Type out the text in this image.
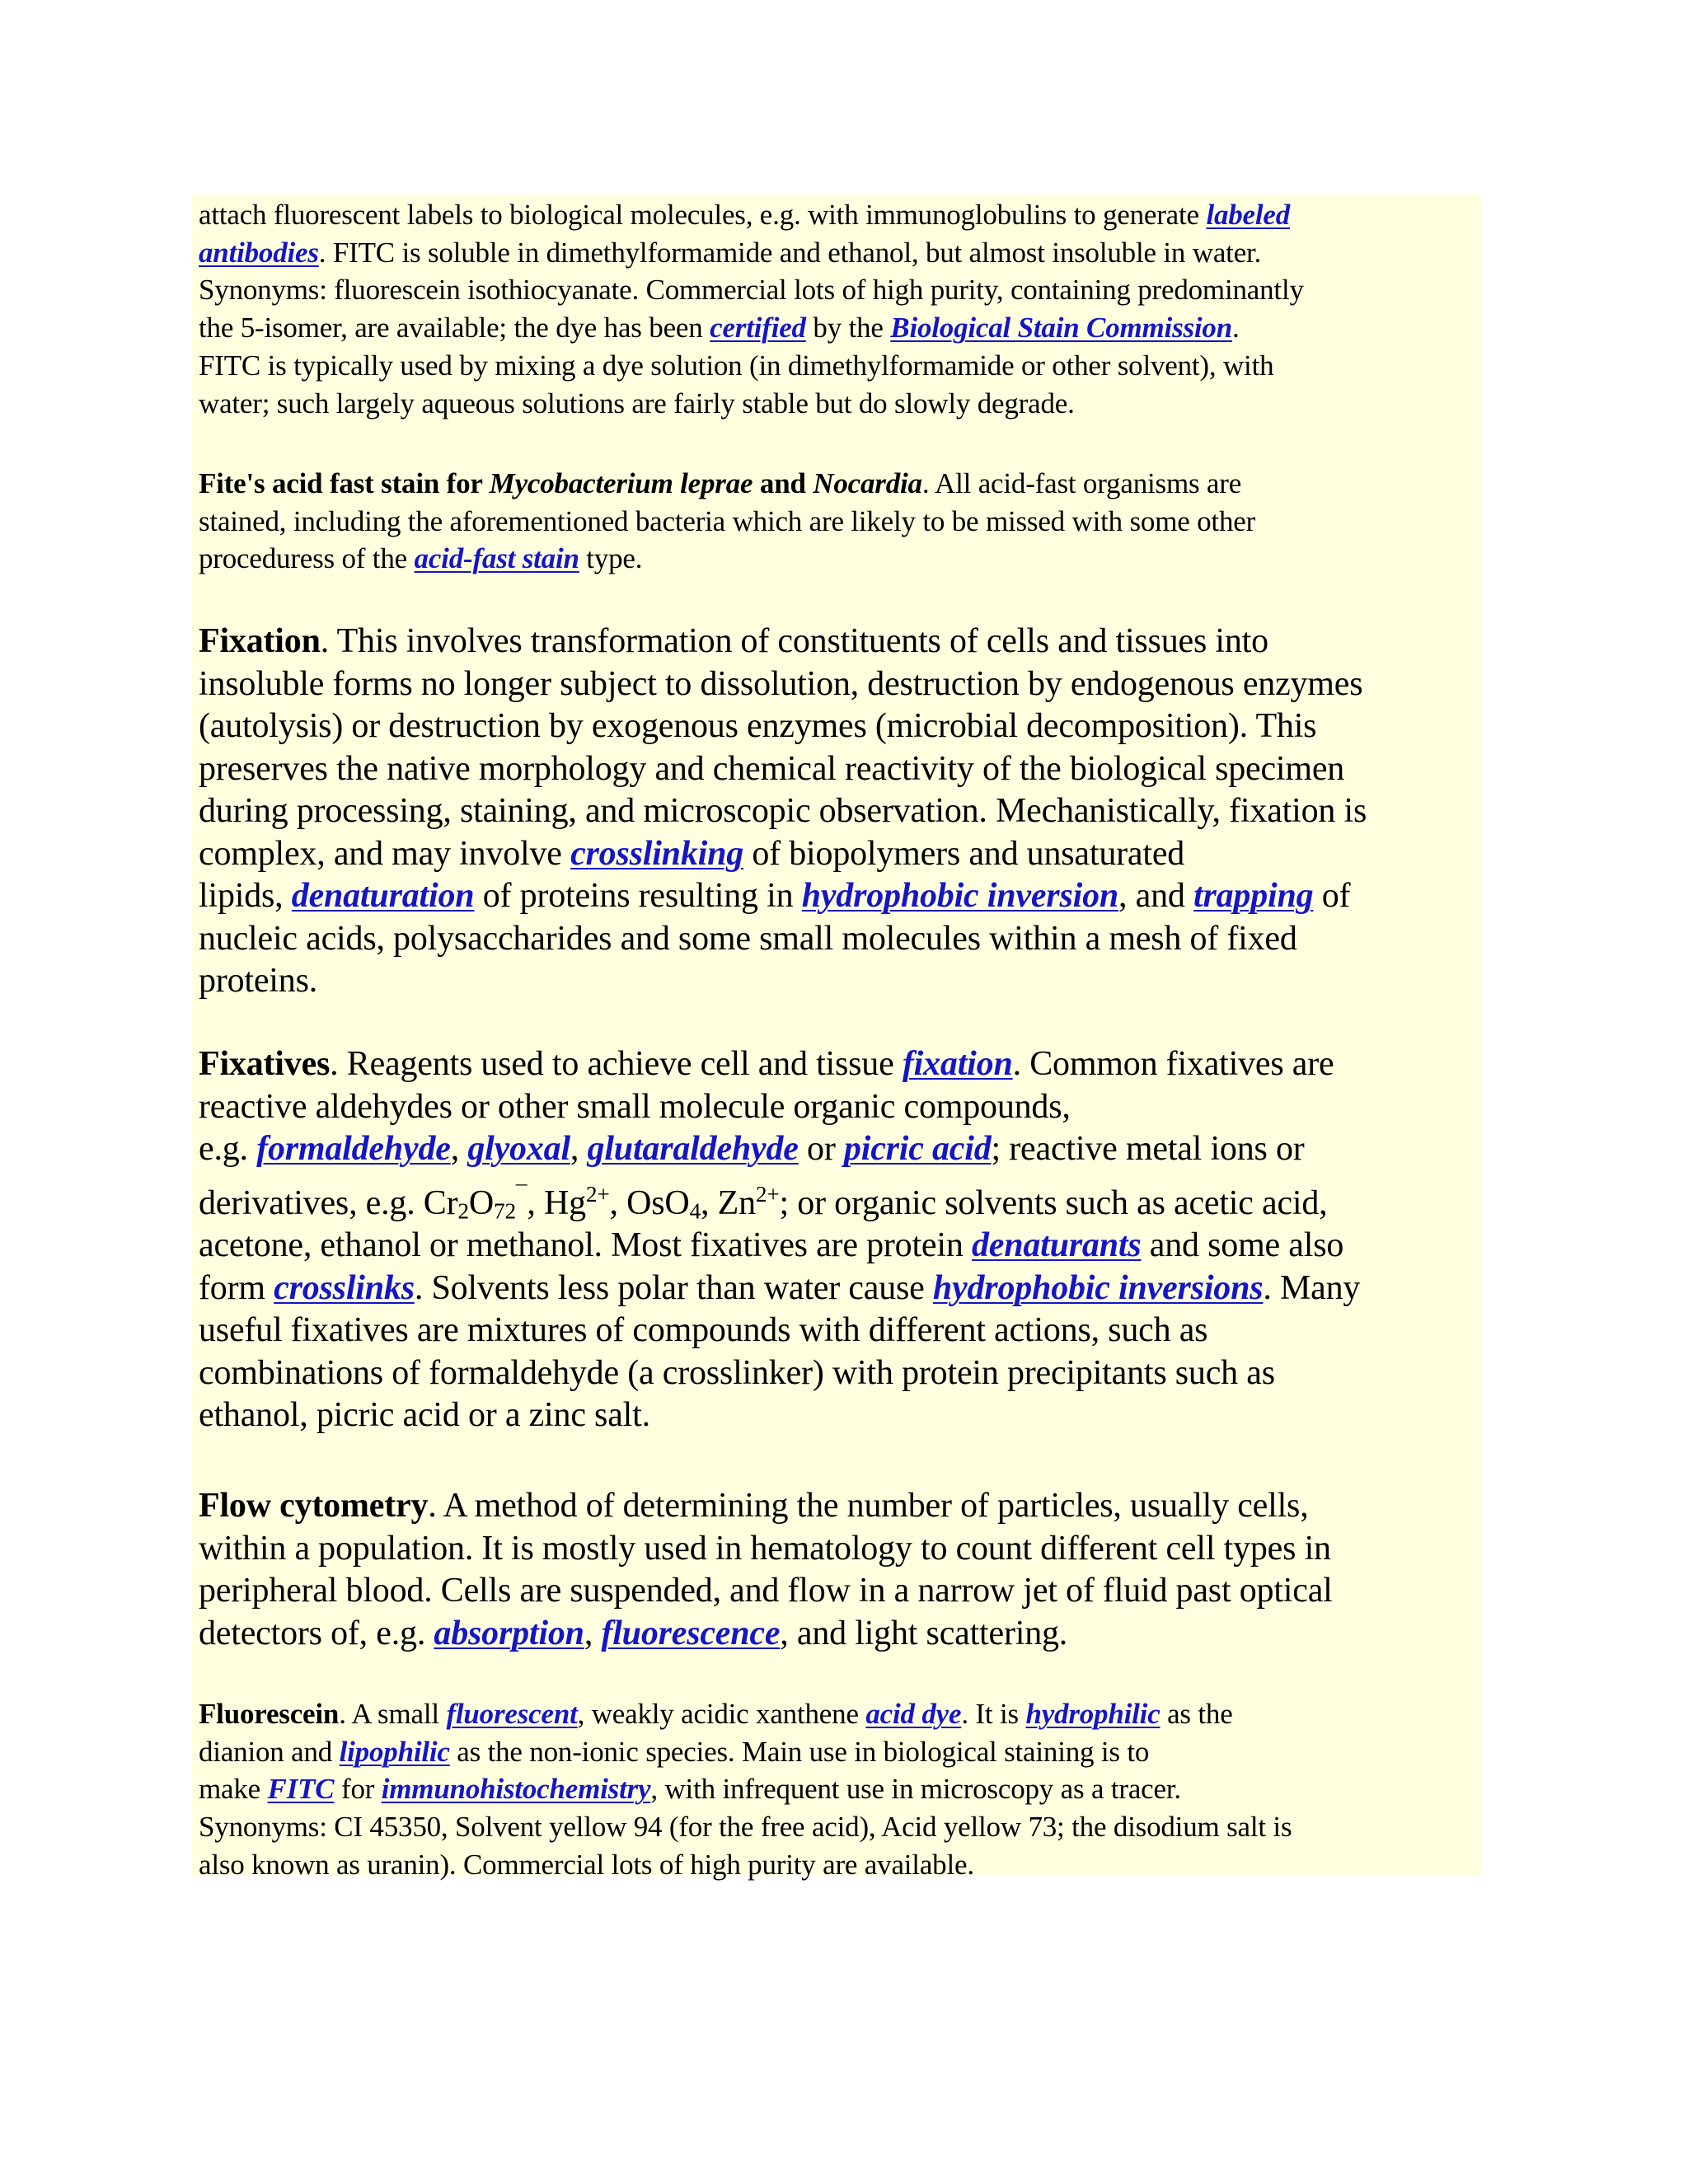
attach fluorescent labels to biological molecules, e.g. with immunoglobulins to generate labeled
antibodies. FITC is soluble in dimethylformamide and ethanol, but almost insoluble in water.
Synonyms: fluorescein isothiocyanate. Commercial lots of high purity, containing predominantly
the 5-isomer, are available; the dye has been certified by the Biological Stain Commission.
FITC is typically used by mixing a dye solution (in dimethylformamide or other solvent), with
water; such largely aqueous solutions are fairly stable but do slowly degrade.
Fite's acid fast stain for Mycobacterium leprae and Nocardia. All acid-fast organisms are
stained, including the aforementioned bacteria which are likely to be missed with some other
proceduress of the acid-fast stain type.
Fixation. This involves transformation of constituents of cells and tissues into
insoluble forms no longer subject to dissolution, destruction by endogenous enzymes
(autolysis) or destruction by exogenous enzymes (microbial decomposition). This
preserves the native morphology and chemical reactivity of the biological specimen
during processing, staining, and microscopic observation. Mechanistically, fixation is
complex, and may involve crosslinking of biopolymers and unsaturated
lipids, denaturation of proteins resulting in hydrophobic inversion, and trapping of
nucleic acids, polysaccharides and some small molecules within a mesh of fixed
proteins.
Fixatives. Reagents used to achieve cell and tissue fixation. Common fixatives are
reactive aldehydes or other small molecule organic compounds,
e.g. formaldehyde, glyoxal, glutaraldehyde or picric acid; reactive metal ions or
derivatives, e.g. $Cr_2O_{72}^¯$, $Hg^{2+}$, OsO$_4$, $Zn^{2+}$; or organic solvents such as acetic acid,
acetone, ethanol or methanol. Most fixatives are protein denaturants and some also
form crosslinks. Solvents less polar than water cause hydrophobic inversions. Many
useful fixatives are mixtures of compounds with different actions, such as
combinations of formaldehyde (a crosslinker) with protein precipitants such as
ethanol, picric acid or a zinc salt.
Flow cytometry. A method of determining the number of particles, usually cells,
within a population. It is mostly used in hematology to count different cell types in
peripheral blood. Cells are suspended, and flow in a narrow jet of fluid past optical
detectors of, e.g. absorption, fluorescence, and light scattering.
Fluorescein. A small fluorescent, weakly acidic xanthene acid dye. It is hydrophilic as the
dianion and lipophilic as the non-ionic species. Main use in biological staining is to
make FITC for immunohistochemistry, with infrequent use in microscopy as a tracer.
Synonyms: CI 45350, Solvent yellow 94 (for the free acid), Acid yellow 73; the disodium salt is
also known as uranin). Commercial lots of high purity are available.
